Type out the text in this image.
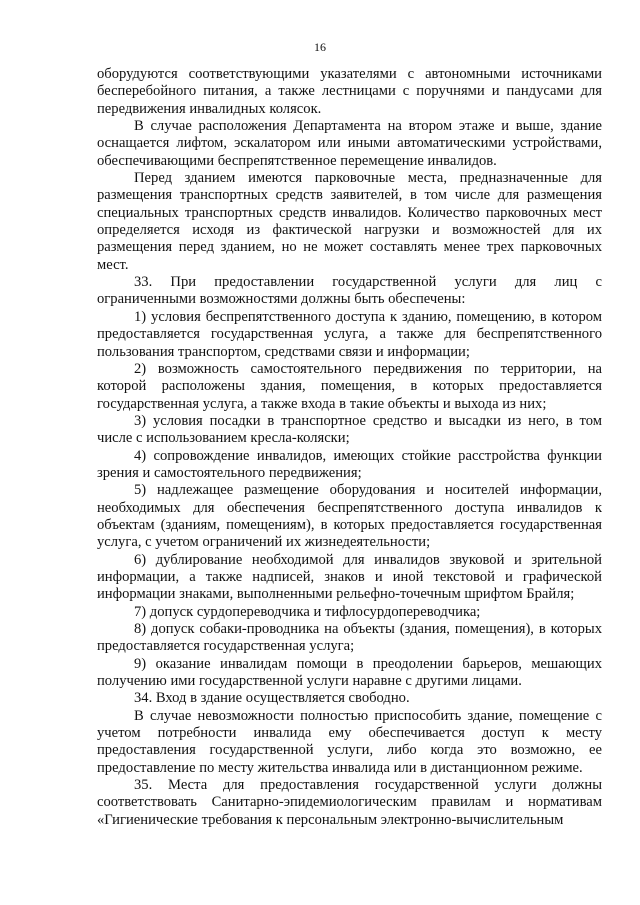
16

оборудуются соответствующими указателями с автономными источниками бесперебойного питания, а также лестницами с поручнями и пандусами для передвижения инвалидных колясок.

В случае расположения Департамента на втором этаже и выше, здание оснащается лифтом, эскалатором или иными автоматическими устройствами, обеспечивающими беспрепятственное перемещение инвалидов.

Перед зданием имеются парковочные места, предназначенные для размещения транспортных средств заявителей, в том числе для размещения специальных транспортных средств инвалидов. Количество парковочных мест определяется исходя из фактической нагрузки и возможностей для их размещения перед зданием, но не может составлять менее трех парковочных мест.

33. При предоставлении государственной услуги для лиц с ограниченными возможностями должны быть обеспечены:

1) условия беспрепятственного доступа к зданию, помещению, в котором предоставляется государственная услуга, а также для беспрепятственного пользования транспортом, средствами связи и информации;

2) возможность самостоятельного передвижения по территории, на которой расположены здания, помещения, в которых предоставляется государственная услуга, а также входа в такие объекты и выхода из них;

3) условия посадки в транспортное средство и высадки из него, в том числе с использованием кресла-коляски;

4) сопровождение инвалидов, имеющих стойкие расстройства функции зрения и самостоятельного передвижения;

5) надлежащее размещение оборудования и носителей информации, необходимых для обеспечения беспрепятственного доступа инвалидов к объектам (зданиям, помещениям), в которых предоставляется государственная услуга, с учетом ограничений их жизнедеятельности;

6) дублирование необходимой для инвалидов звуковой и зрительной информации, а также надписей, знаков и иной текстовой и графической информации знаками, выполненными рельефно-точечным шрифтом Брайля;

7) допуск сурдопереводчика и тифлосурдопереводчика;

8) допуск собаки-проводника на объекты (здания, помещения), в которых предоставляется государственная услуга;

9) оказание инвалидам помощи в преодолении барьеров, мешающих получению ими государственной услуги наравне с другими лицами.

34. Вход в здание осуществляется свободно.

В случае невозможности полностью приспособить здание, помещение с учетом потребности инвалида ему обеспечивается доступ к месту предоставления государственной услуги, либо когда это возможно, ее предоставление по месту жительства инвалида или в дистанционном режиме.

35. Места для предоставления государственной услуги должны соответствовать Санитарно-эпидемиологическим правилам и нормативам «Гигиенические требования к персональным электронно-вычислительным
